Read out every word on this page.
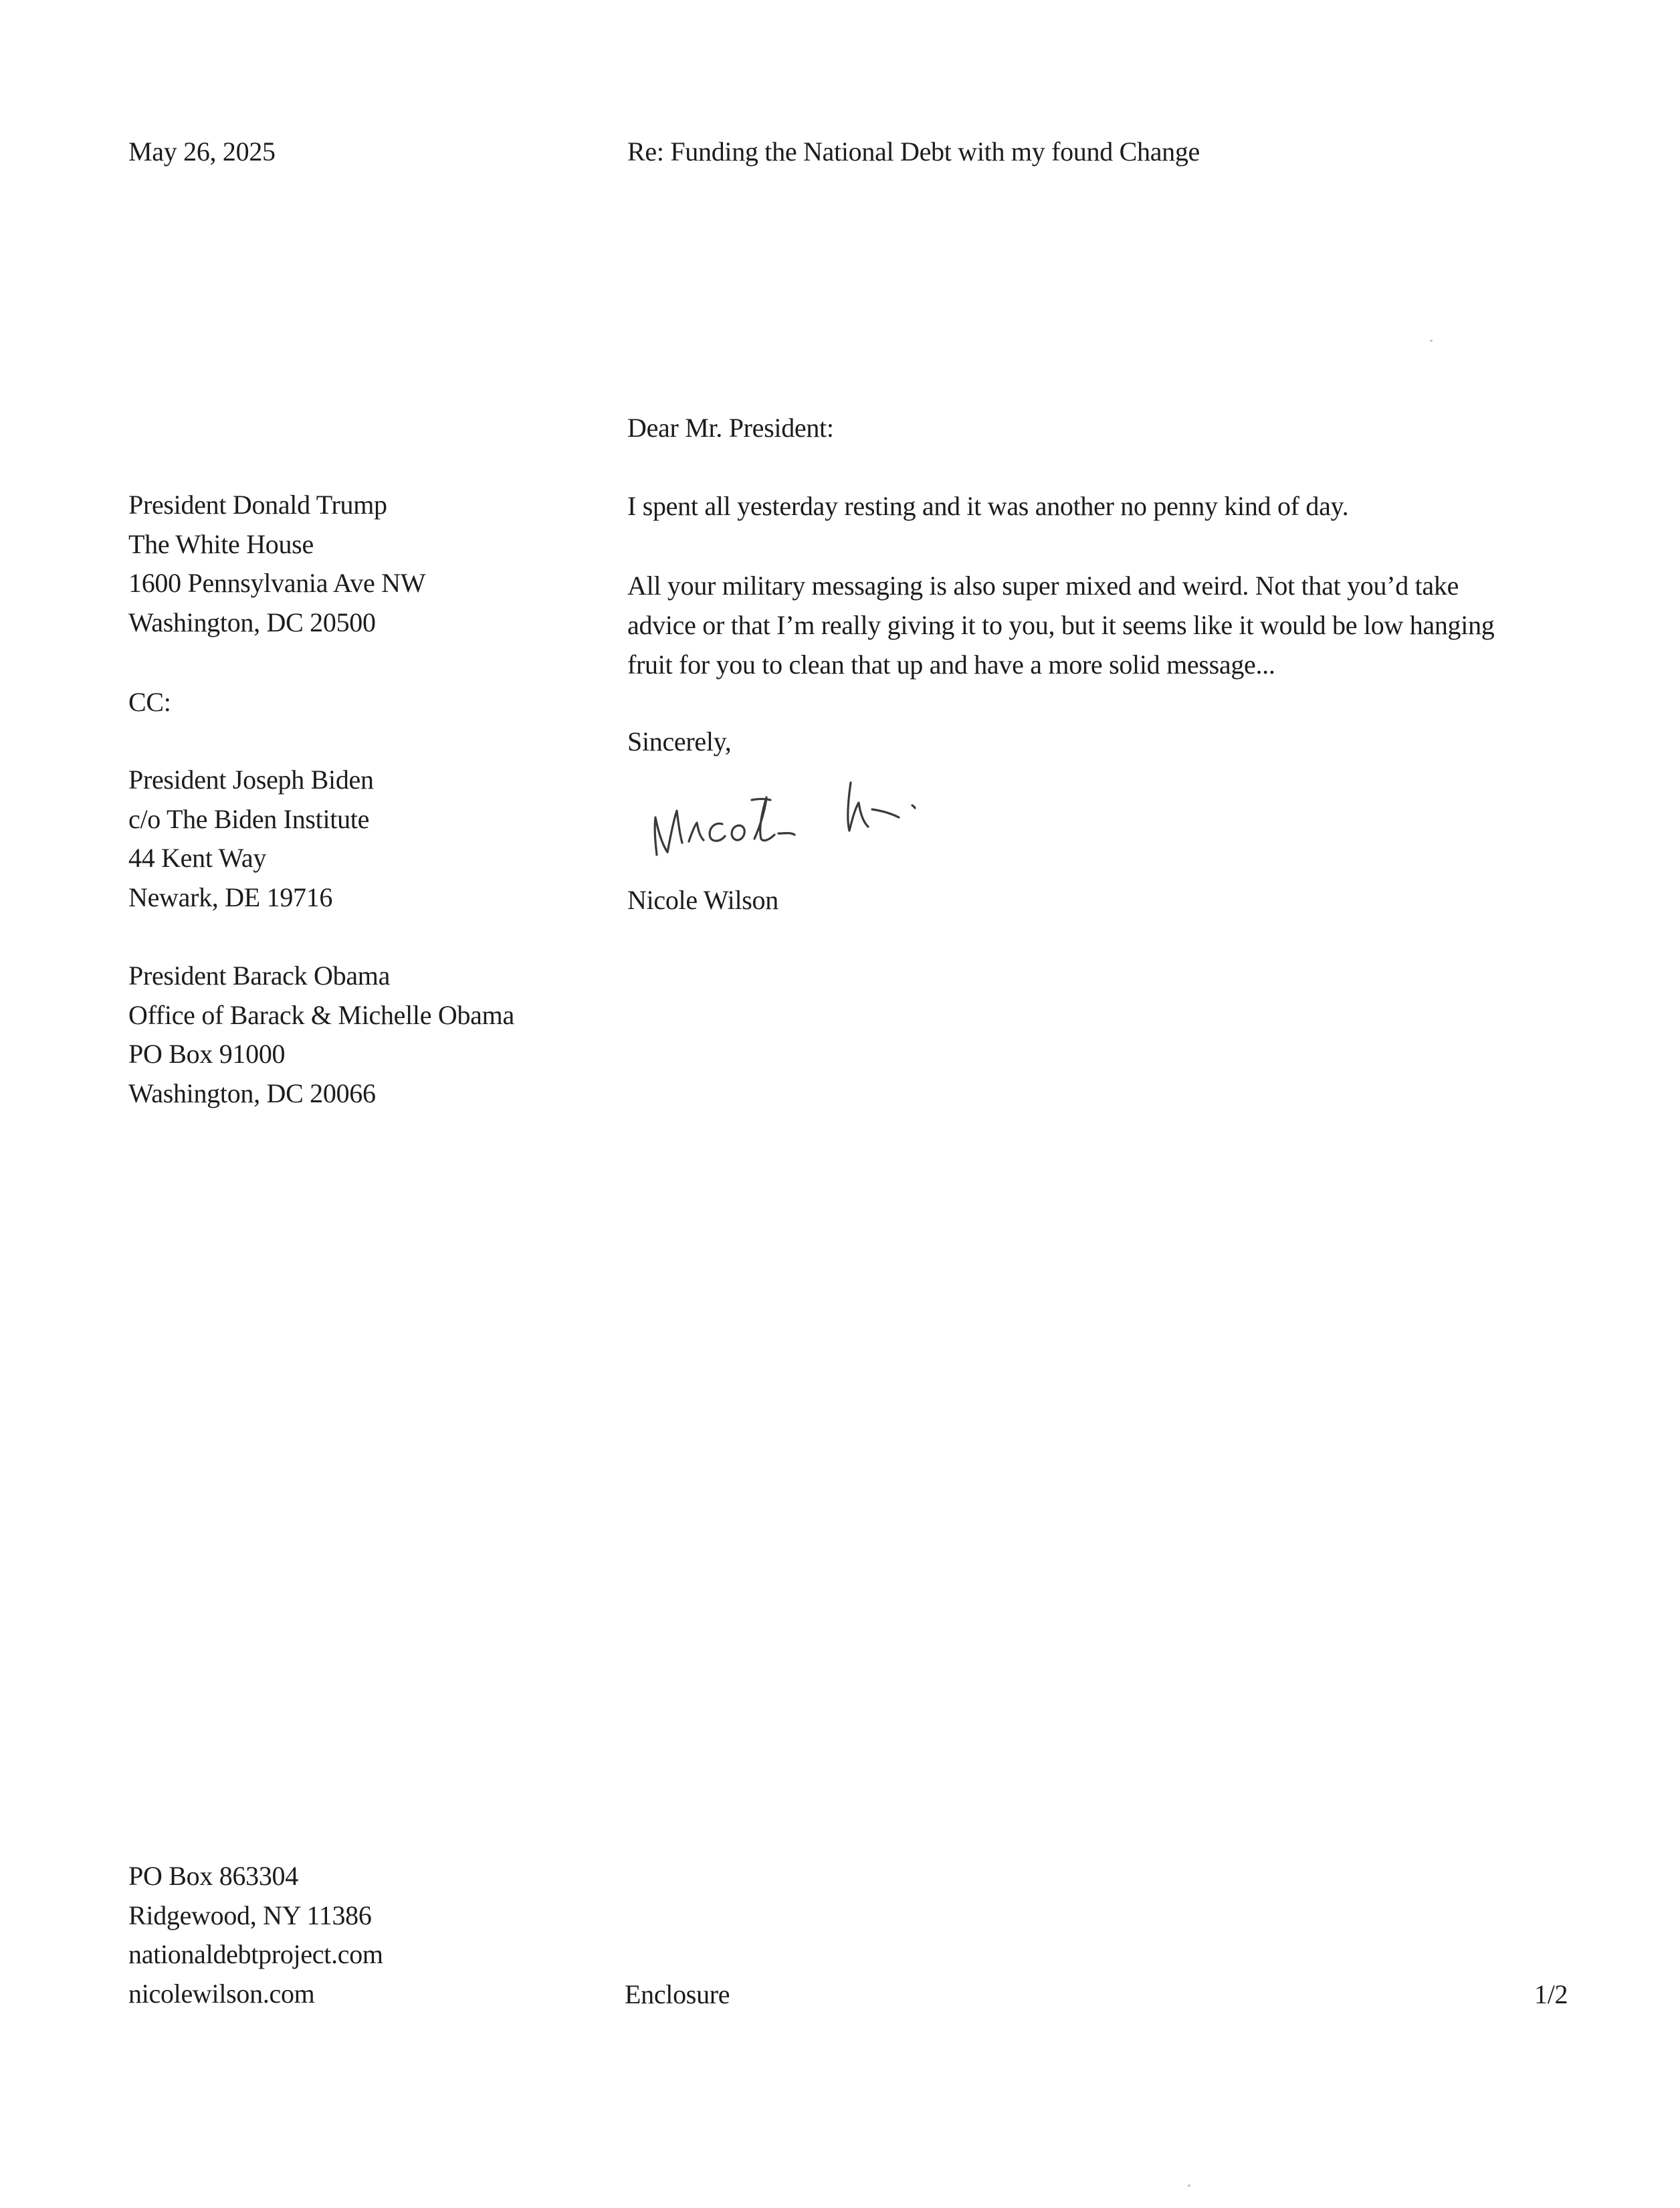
May 26, 2025	Re: Funding the National Debt with my found Change
Dear Mr. President:
President Donald Trump
The White House
1600 Pennsylvania Ave NW
Washington, DC 20500
CC:
President Joseph Biden
c/o The Biden Institute
44 Kent Way
Newark, DE 19716
President Barack Obama
Office of Barack & Michelle Obama
PO Box 91000
Washington, DC 20066
I spent all yesterday resting and it was another no penny kind of day.
All your military messaging is also super mixed and weird. Not that you’d take
advice or that I’m really giving it to you, but it seems like it would be low hanging
fruit for you to clean that up and have a more solid message...
Sincerely,
Nicole Wilson
PO Box 863304
Ridgewood, NY 11386
nationaldebtproject.com
nicolewilson.com	Enclosure	1/2
